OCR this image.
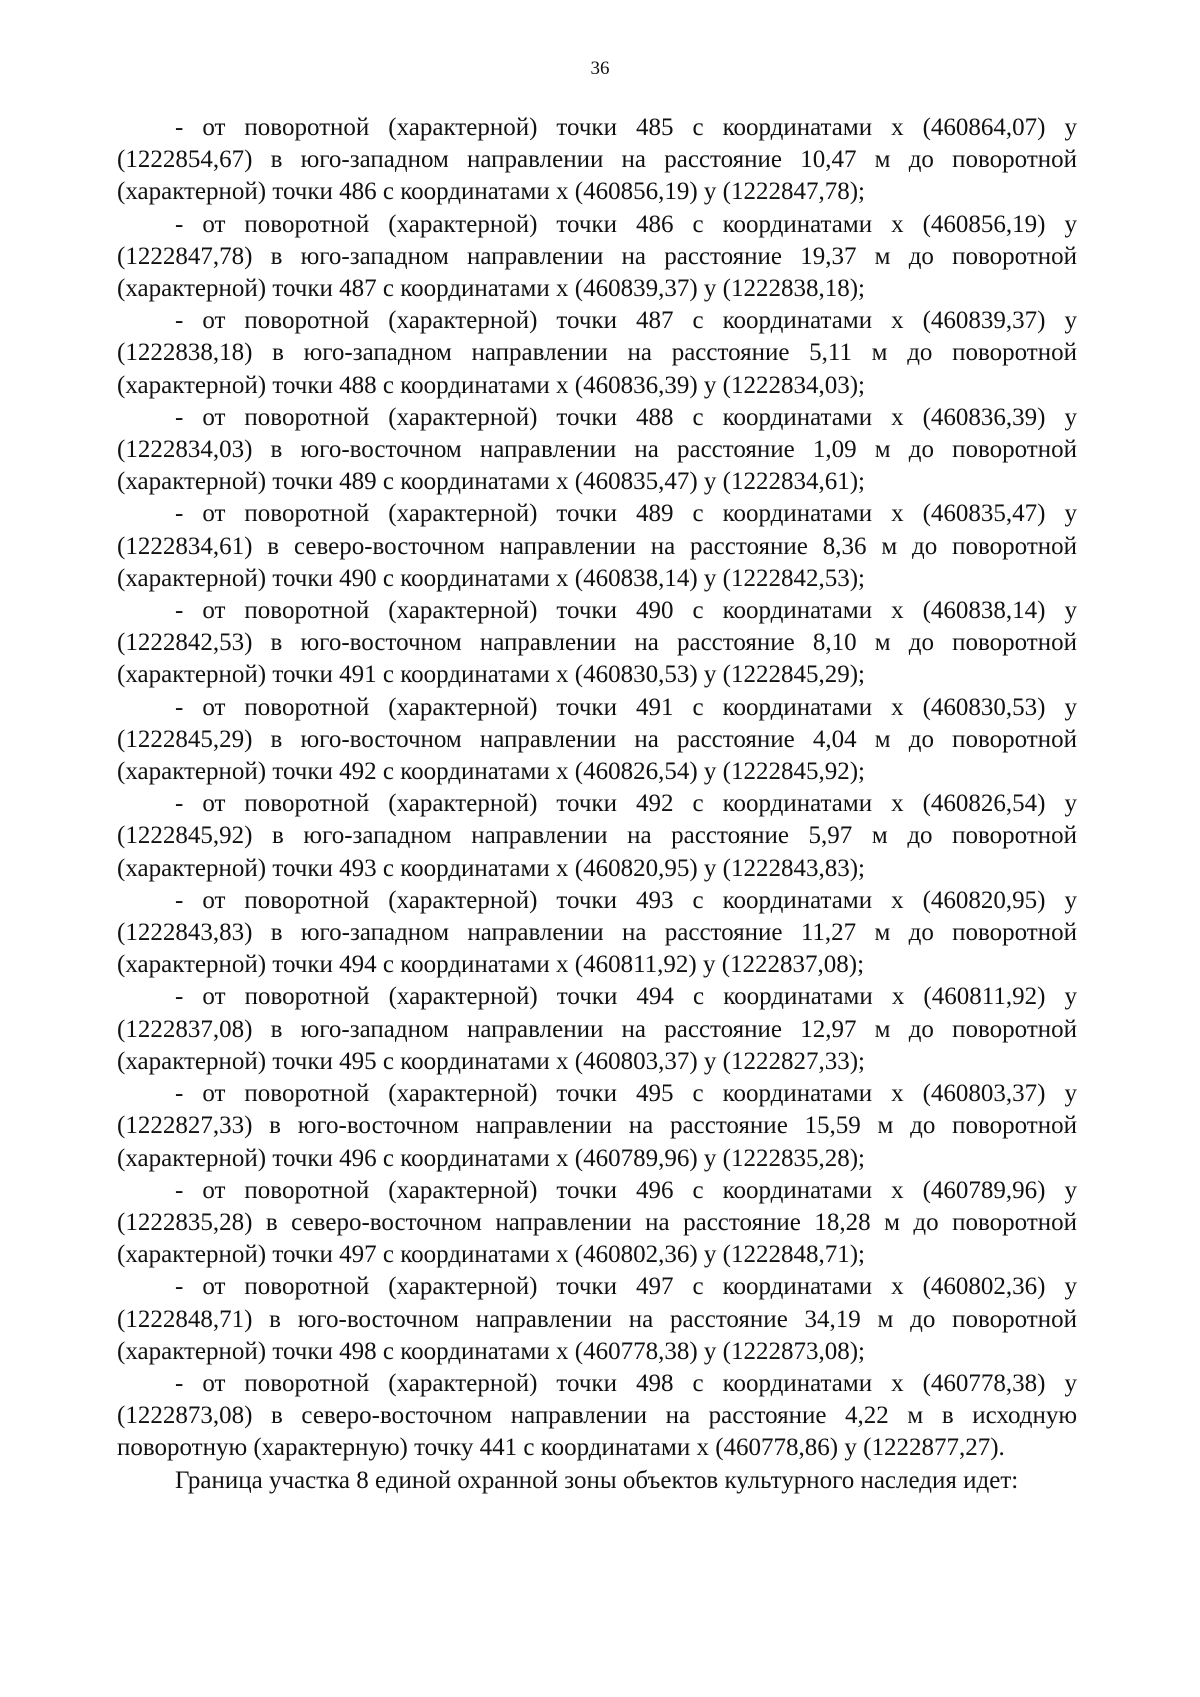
36

- от поворотной (характерной) точки 485 с координатами х (460864,07) у (1222854,67) в юго-западном направлении на расстояние 10,47 м до поворотной (характерной) точки 486 с координатами х (460856,19) у (1222847,78);

- от поворотной (характерной) точки 486 с координатами х (460856,19) у (1222847,78) в юго-западном направлении на расстояние 19,37 м до поворотной (характерной) точки 487 с координатами х (460839,37) у (1222838,18);

- от поворотной (характерной) точки 487 с координатами х (460839,37) у (1222838,18) в юго-западном направлении на расстояние 5,11 м до поворотной (характерной) точки 488 с координатами х (460836,39) у (1222834,03);

- от поворотной (характерной) точки 488 с координатами х (460836,39) у (1222834,03) в юго-восточном направлении на расстояние 1,09 м до поворотной (характерной) точки 489 с координатами х (460835,47) у (1222834,61);

- от поворотной (характерной) точки 489 с координатами х (460835,47) у (1222834,61) в северо-восточном направлении на расстояние 8,36 м до поворотной (характерной) точки 490 с координатами х (460838,14) у (1222842,53);

- от поворотной (характерной) точки 490 с координатами х (460838,14) у (1222842,53) в юго-восточном направлении на расстояние 8,10 м до поворотной (характерной) точки 491 с координатами х (460830,53) у (1222845,29);

- от поворотной (характерной) точки 491 с координатами х (460830,53) у (1222845,29) в юго-восточном направлении на расстояние 4,04 м до поворотной (характерной) точки 492 с координатами х (460826,54) у (1222845,92);

- от поворотной (характерной) точки 492 с координатами х (460826,54) у (1222845,92) в юго-западном направлении на расстояние 5,97 м до поворотной (характерной) точки 493 с координатами х (460820,95) у (1222843,83);

- от поворотной (характерной) точки 493 с координатами х (460820,95) у (1222843,83) в юго-западном направлении на расстояние 11,27 м до поворотной (характерной) точки 494 с координатами х (460811,92) у (1222837,08);

- от поворотной (характерной) точки 494 с координатами х (460811,92) у (1222837,08) в юго-западном направлении на расстояние 12,97 м до поворотной (характерной) точки 495 с координатами х (460803,37) у (1222827,33);

- от поворотной (характерной) точки 495 с координатами х (460803,37) у (1222827,33) в юго-восточном направлении на расстояние 15,59 м до поворотной (характерной) точки 496 с координатами х (460789,96) у (1222835,28);

- от поворотной (характерной) точки 496 с координатами х (460789,96) у (1222835,28) в северо-восточном направлении на расстояние 18,28 м до поворотной (характерной) точки 497 с координатами х (460802,36) у (1222848,71);

- от поворотной (характерной) точки 497 с координатами х (460802,36) у (1222848,71) в юго-восточном направлении на расстояние 34,19 м до поворотной (характерной) точки 498 с координатами х (460778,38) у (1222873,08);

- от поворотной (характерной) точки 498 с координатами х (460778,38) у (1222873,08) в северо-восточном направлении на расстояние 4,22 м в исходную поворотную (характерную) точку 441 с координатами х (460778,86) у (1222877,27).

Граница участка 8 единой охранной зоны объектов культурного наследия идет:
